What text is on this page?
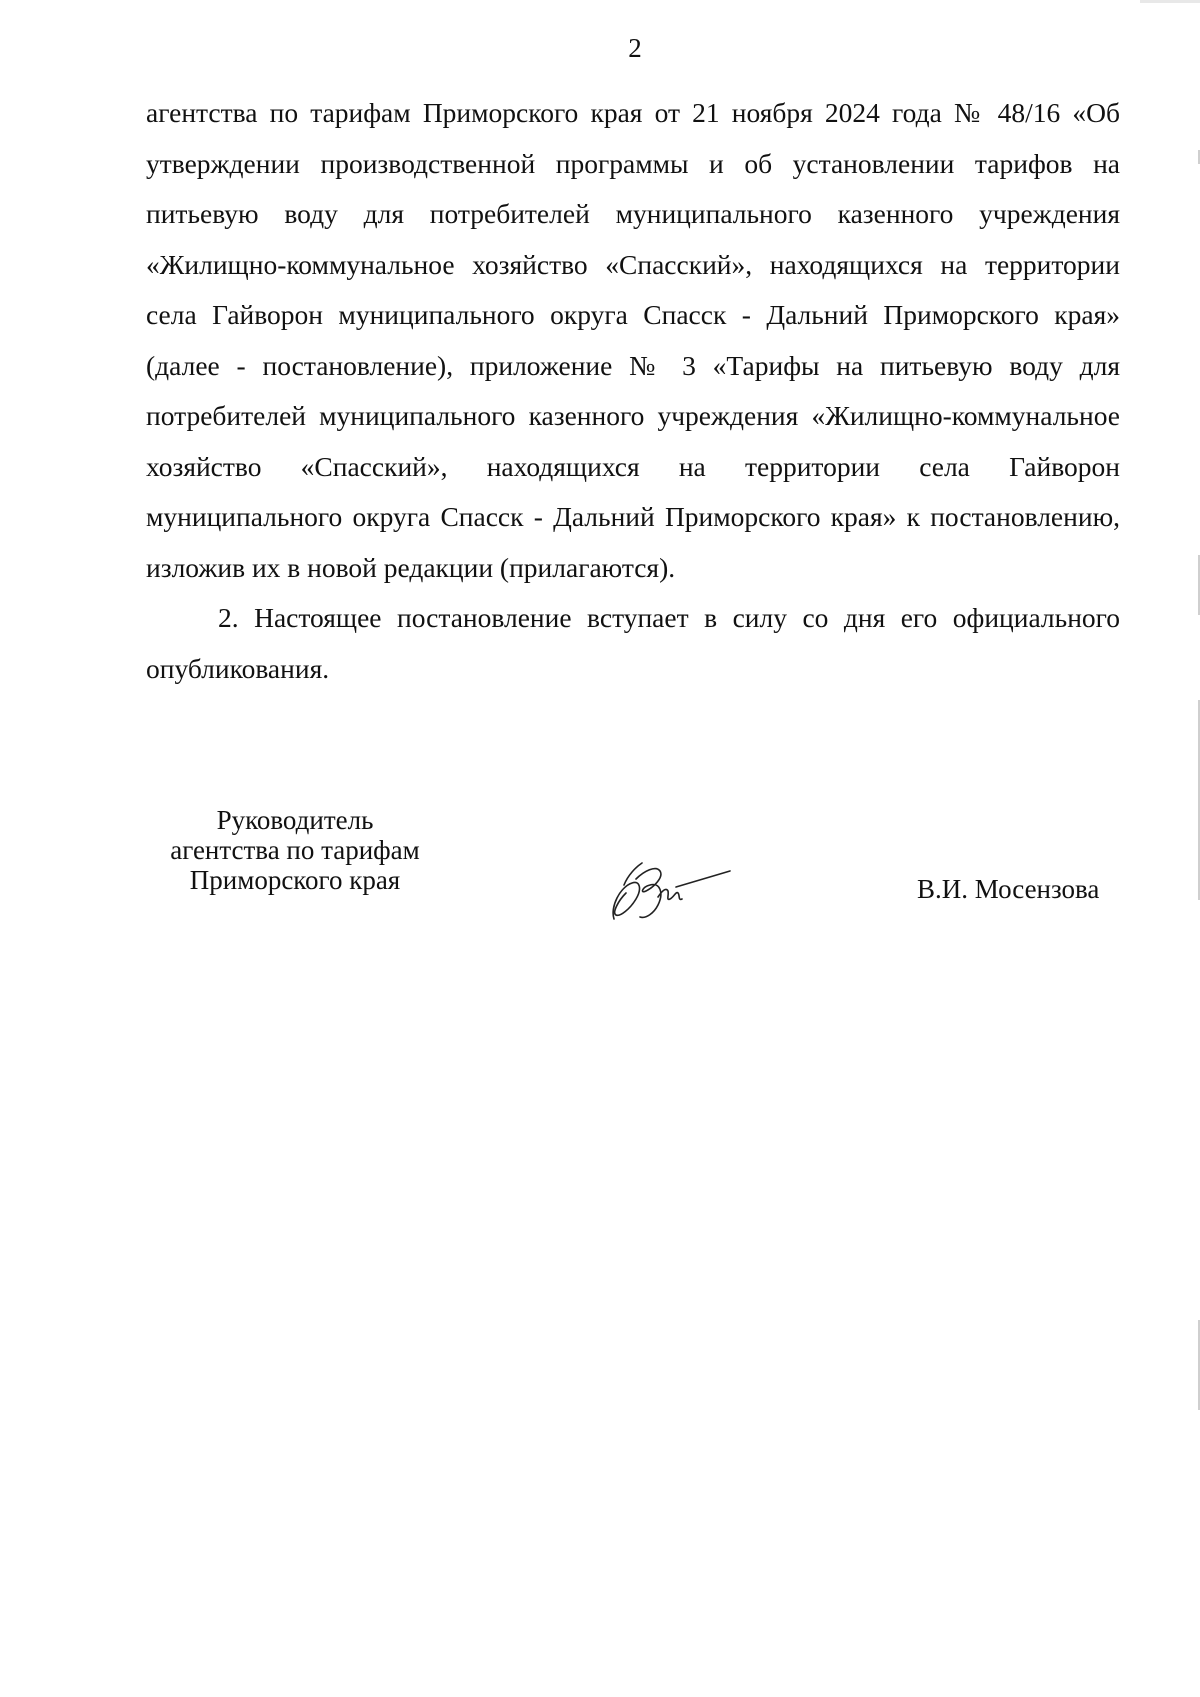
2

агентства по тарифам Приморского края от 21 ноября 2024 года № 48/16 «Об утверждении производственной программы и об установлении тарифов на питьевую воду для потребителей муниципального казенного учреждения «Жилищно-коммунальное хозяйство «Спасский», находящихся на территории села Гайворон муниципального округа Спасск - Дальний Приморского края» (далее - постановление), приложение № 3 «Тарифы на питьевую воду для потребителей муниципального казенного учреждения «Жилищно-коммунальное хозяйство «Спасский», находящихся на территории села Гайворон муниципального округа Спасск - Дальний Приморского края» к постановлению, изложив их в новой редакции (прилагаются).

2. Настоящее постановление вступает в силу со дня его официального опубликования.

Руководитель
агентства по тарифам
Приморского края	В.И. Мосензова
